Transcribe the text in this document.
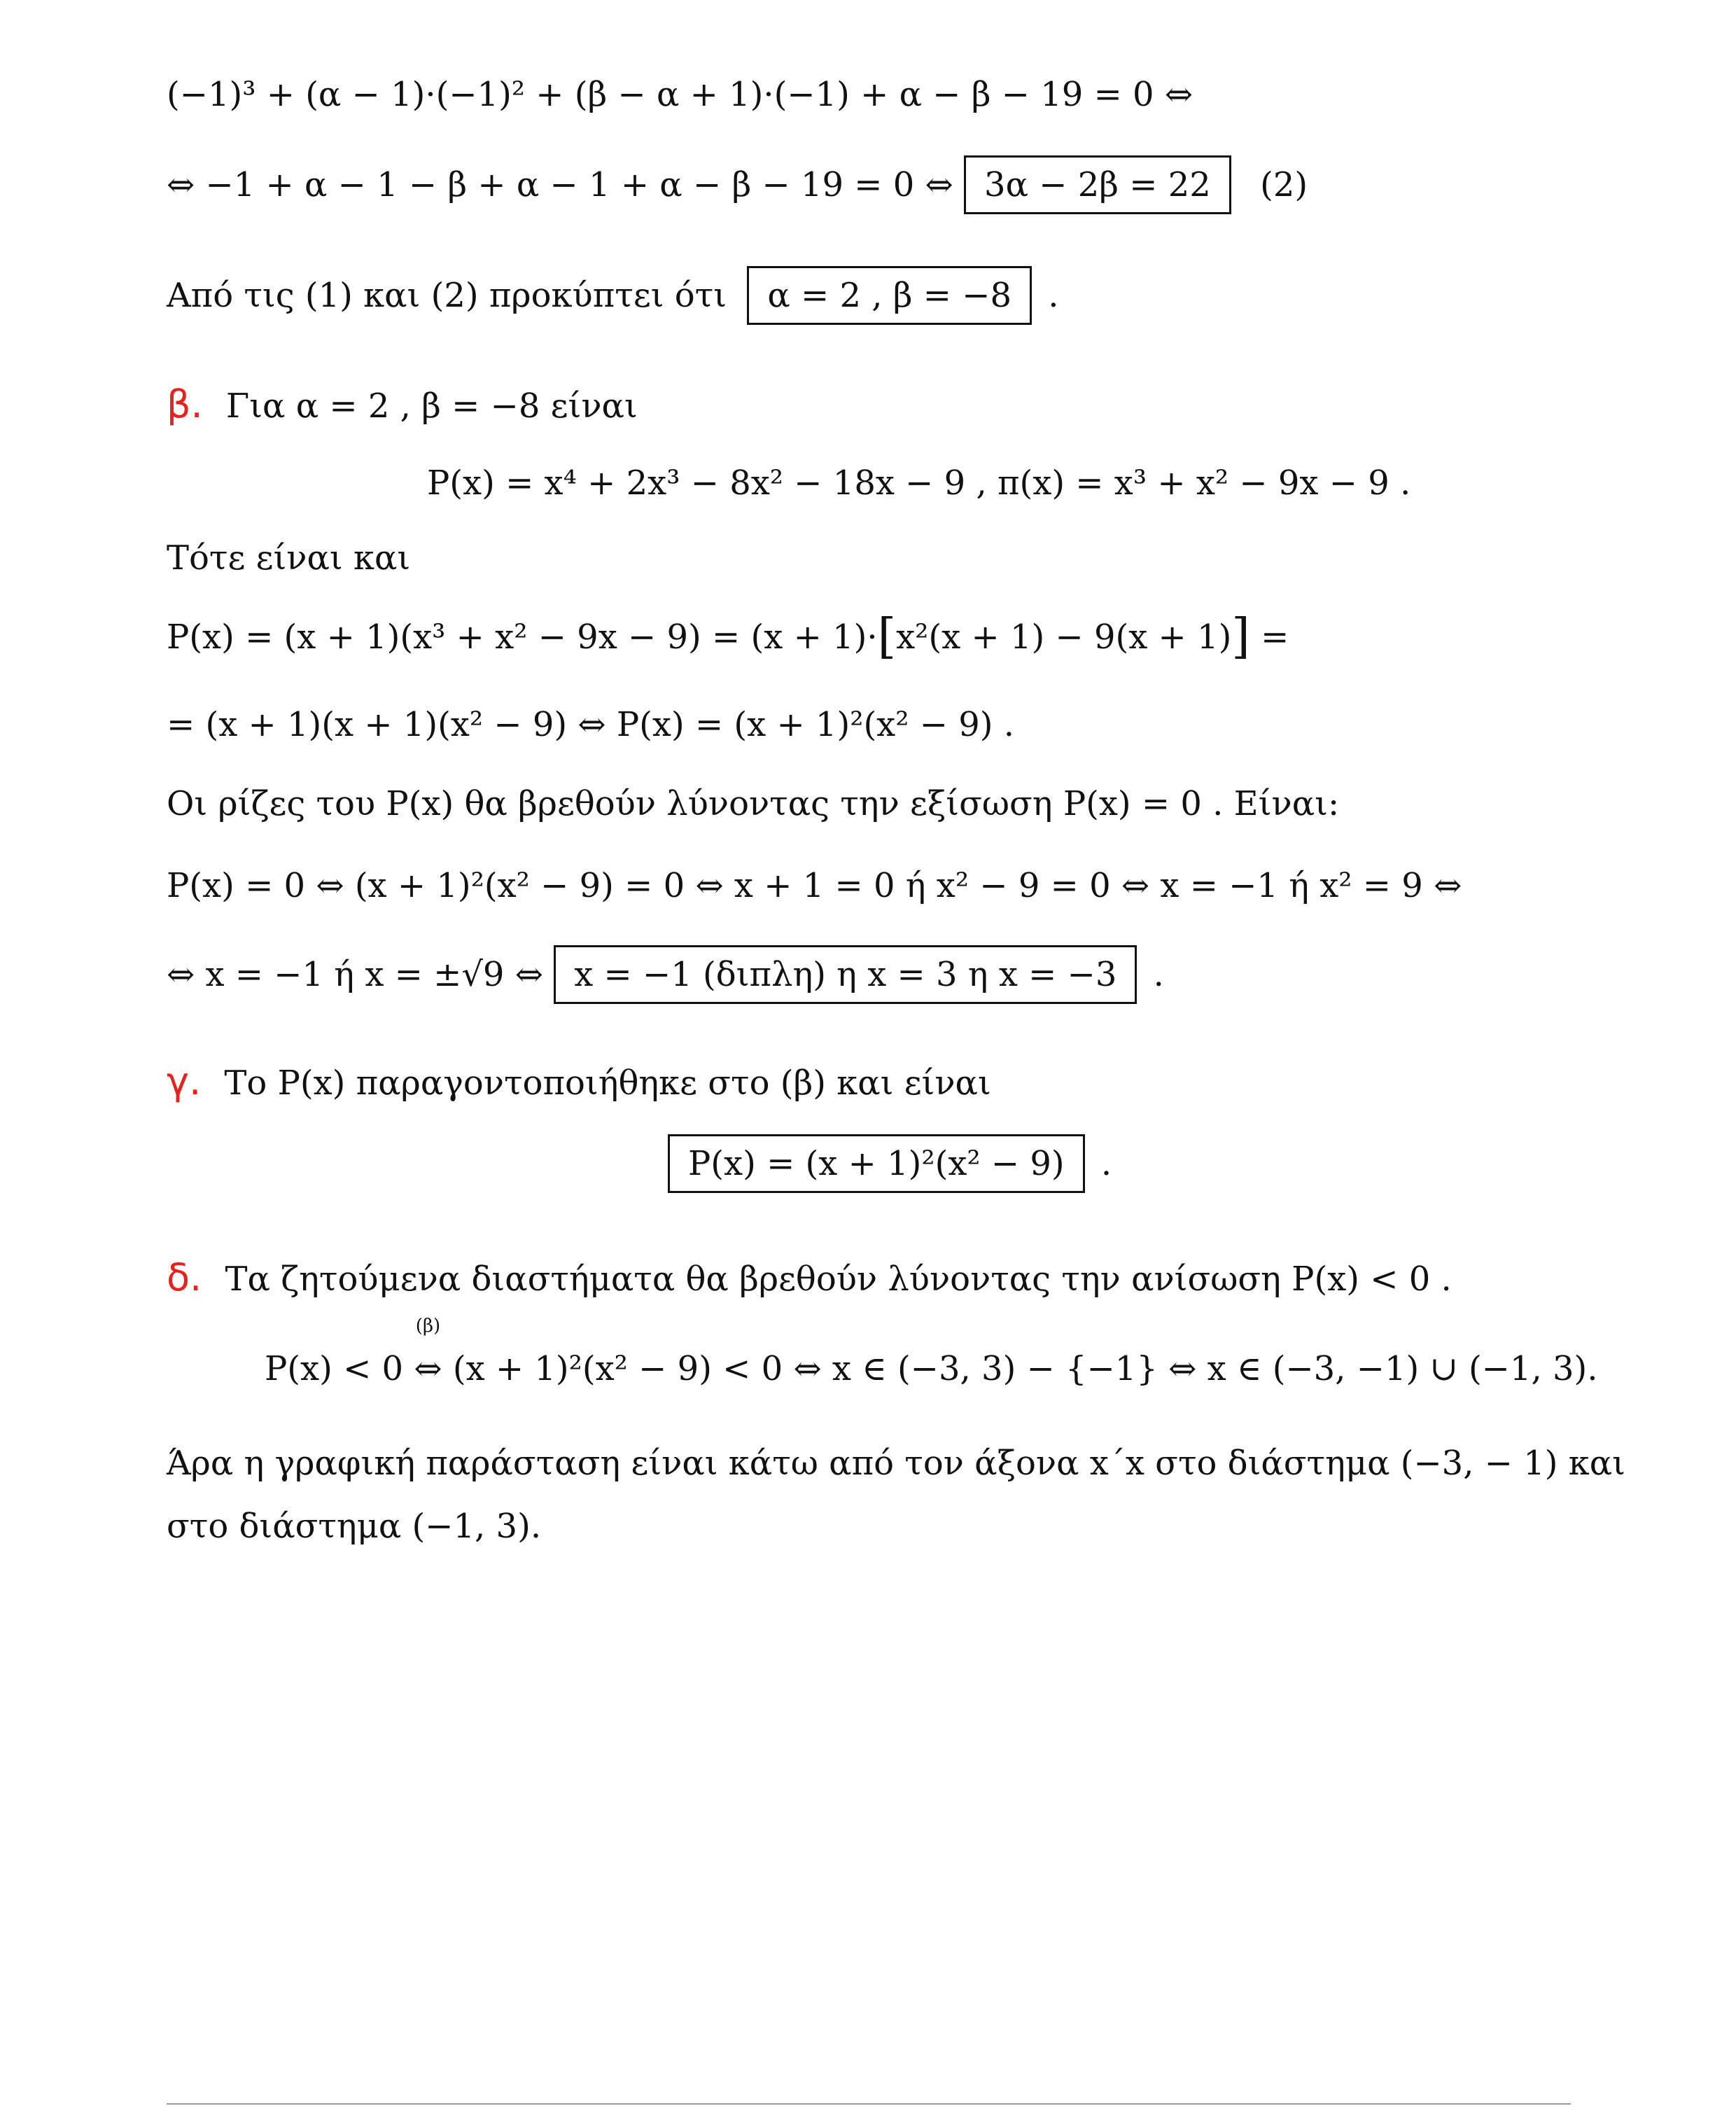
(−1)³ + (α − 1)·(−1)² + (β − α + 1)·(−1) + α − β − 19 = 0 ⇔
⇔ −1 + α − 1 − β + α − 1 + α − β − 19 = 0 ⇔ 3α − 2β = 22 (2)
Από τις (1) και (2) προκύπτει ότι α = 2 , β = −8 .
β. Για α = 2 , β = −8 είναι
P(x) = x⁴ + 2x³ − 8x² − 18x − 9 , π(x) = x³ + x² − 9x − 9 .
Τότε είναι και
P(x) = (x + 1)(x³ + x² − 9x − 9) = (x + 1)·[x²(x + 1) − 9(x + 1)] =
= (x + 1)(x + 1)(x² − 9) ⇔ P(x) = (x + 1)²(x² − 9) .
Οι ρίζες του P(x) θα βρεθούν λύνοντας την εξίσωση P(x) = 0 . Είναι:
P(x) = 0 ⇔ (x + 1)²(x² − 9) = 0 ⇔ x + 1 = 0 ή x² − 9 = 0 ⇔ x = −1 ή x² = 9 ⇔
⇔ x = −1 ή x = ±√9 ⇔ x = −1 (διπλη) η x = 3 η x = −3 .
γ. Το P(x) παραγοντοποιήθηκε στο (β) και είναι
P(x) = (x + 1)²(x² − 9) .
δ. Τα ζητούμενα διαστήματα θα βρεθούν λύνοντας την ανίσωση P(x) < 0 .
P(x) < 0
(β)
⇔ (x + 1)²(x² − 9) < 0 ⇔ x ∈ (−3, 3) − {−1} ⇔ x ∈ (−3, −1) ∪ (−1, 3).
Άρα η γραφική παράσταση είναι κάτω από τον άξονα x΄x στο διάστημα (−3, − 1) και
στο διάστημα (−1, 3).
